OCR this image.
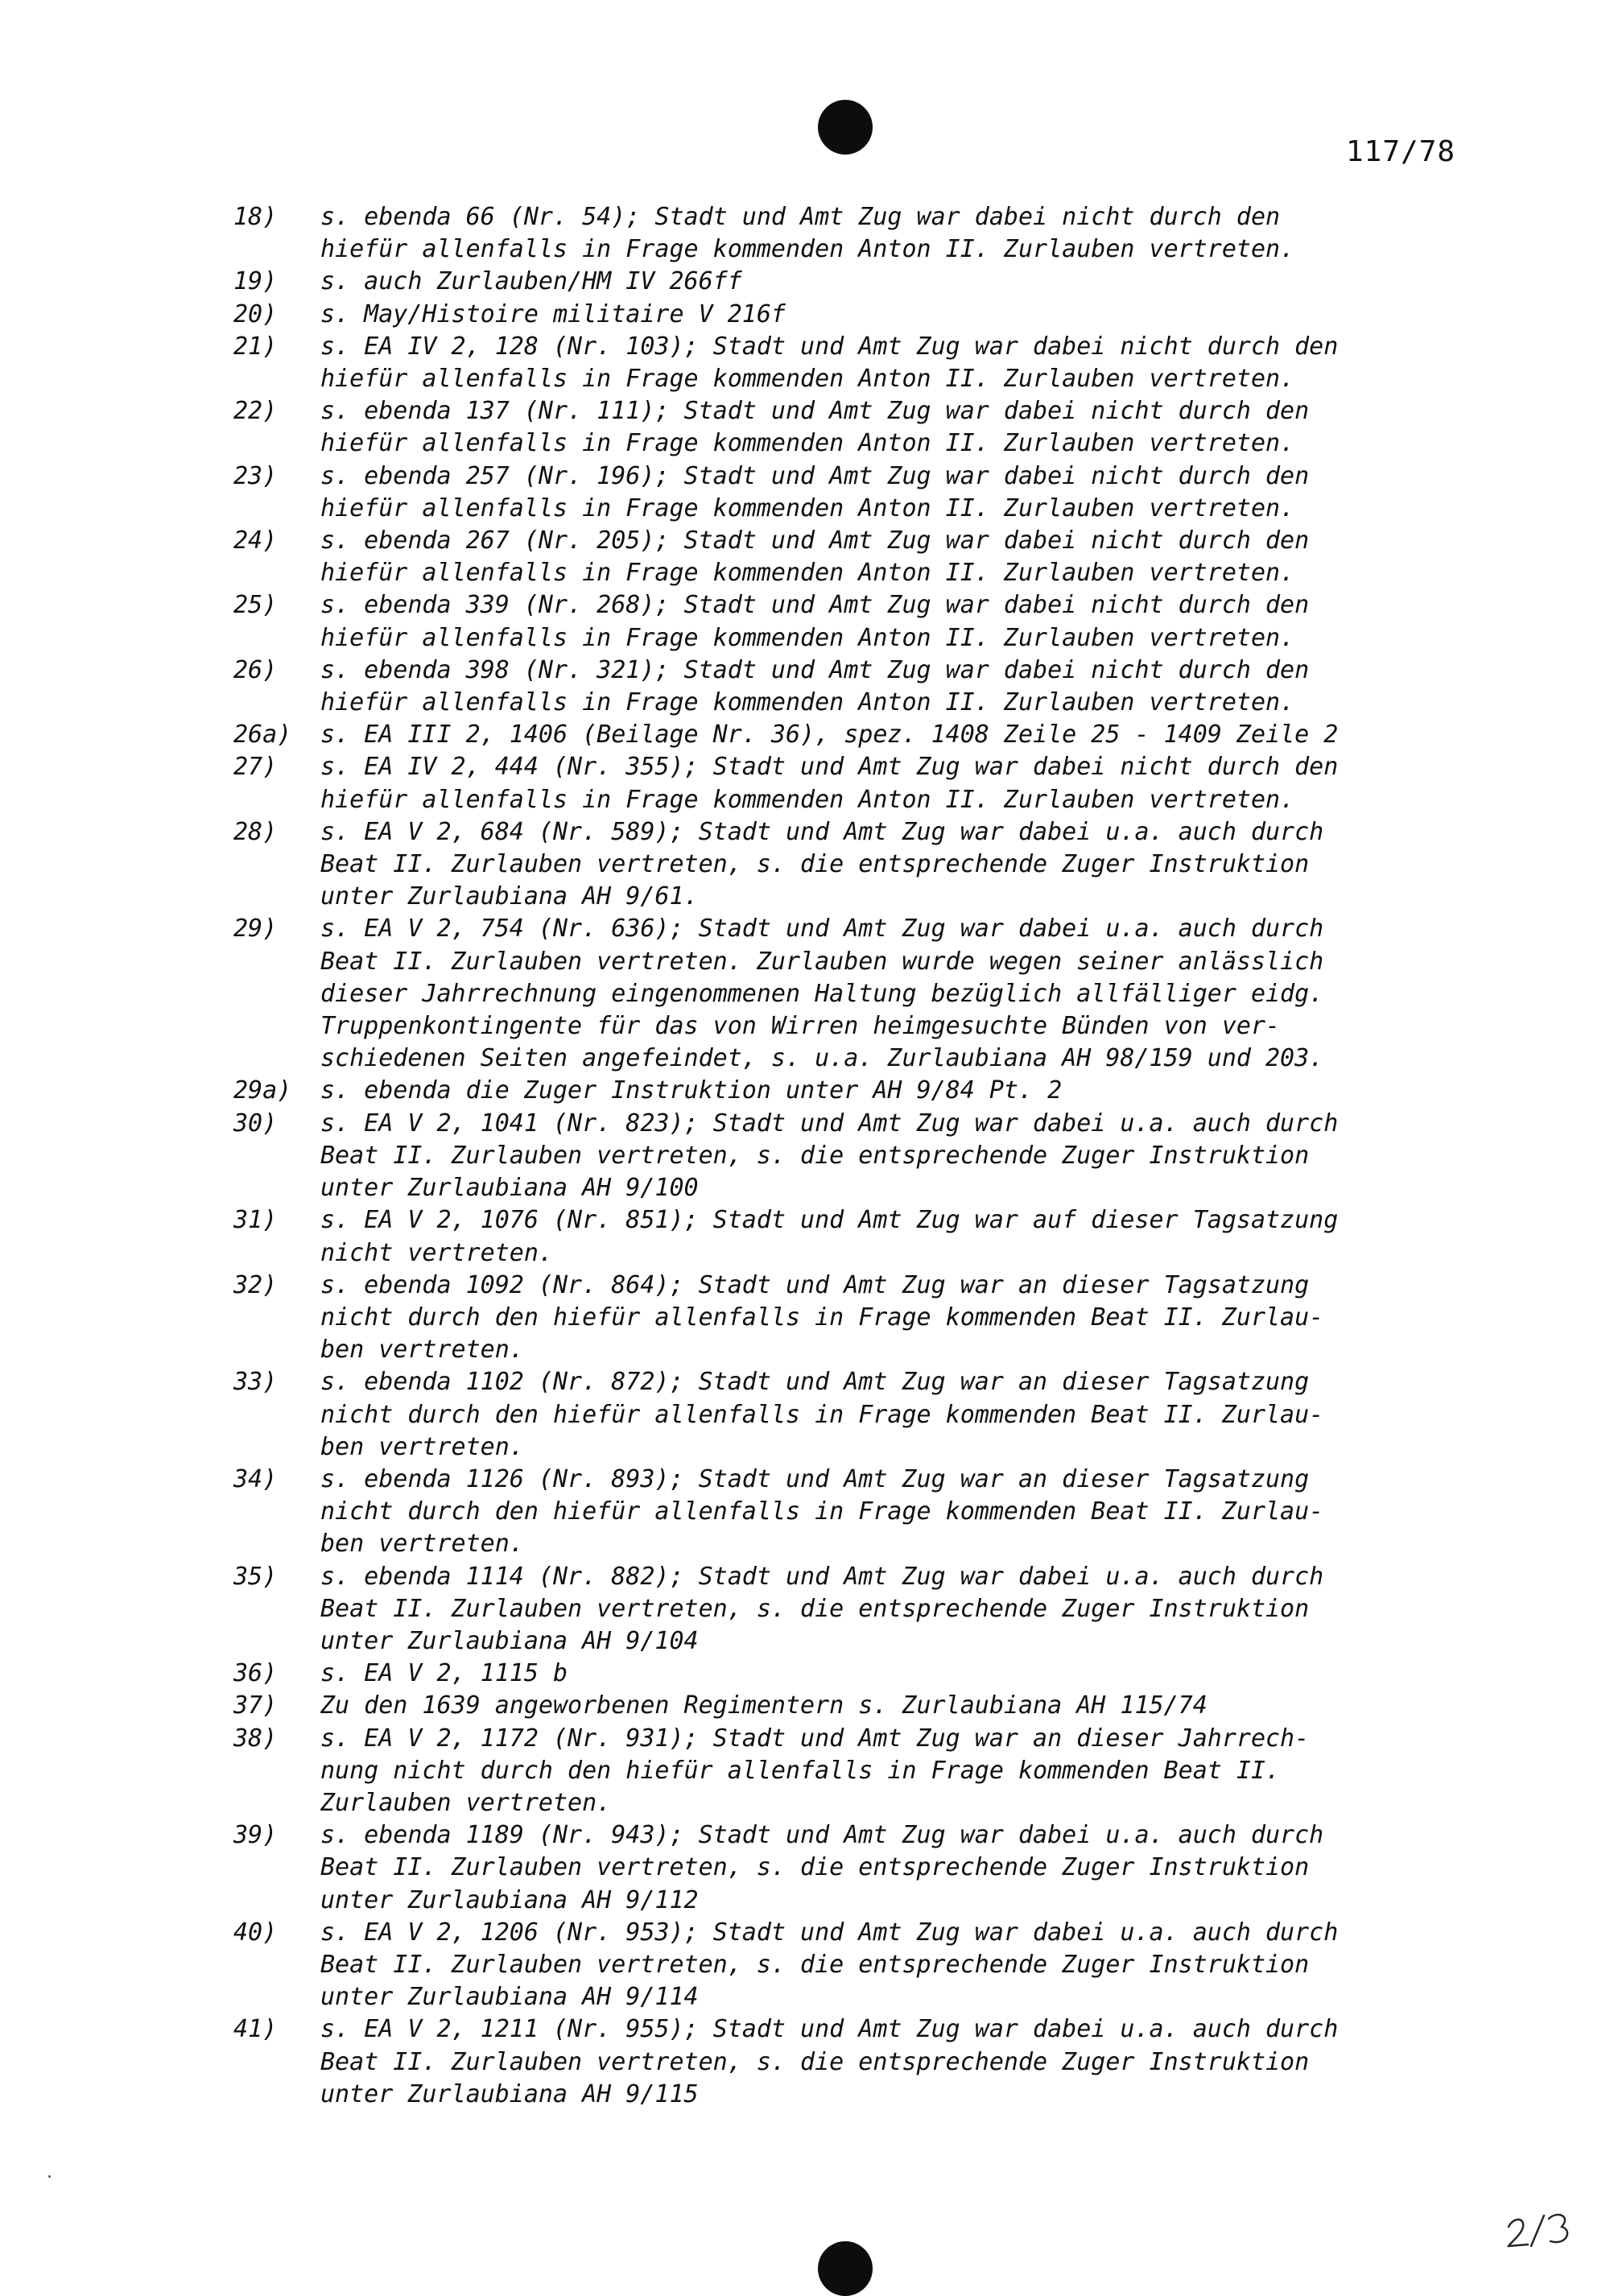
117/78
18)	s. ebenda 66 (Nr. 54); Stadt und Amt Zug war dabei nicht durch den
hiefür allenfalls in Frage kommenden Anton II. Zurlauben vertreten.
19)	s. auch Zurlauben/HM IV 266ff
20)	s. May/Histoire militaire V 216f
21)	s. EA IV 2, 128 (Nr. 103); Stadt und Amt Zug war dabei nicht durch den
hiefür allenfalls in Frage kommenden Anton II. Zurlauben vertreten.
22)	s. ebenda 137 (Nr. 111); Stadt und Amt Zug war dabei nicht durch den
hiefür allenfalls in Frage kommenden Anton II. Zurlauben vertreten.
23)	s. ebenda 257 (Nr. 196); Stadt und Amt Zug war dabei nicht durch den
hiefür allenfalls in Frage kommenden Anton II. Zurlauben vertreten.
24)	s. ebenda 267 (Nr. 205); Stadt und Amt Zug war dabei nicht durch den
hiefür allenfalls in Frage kommenden Anton II. Zurlauben vertreten.
25)	s. ebenda 339 (Nr. 268); Stadt und Amt Zug war dabei nicht durch den
hiefür allenfalls in Frage kommenden Anton II. Zurlauben vertreten.
26)	s. ebenda 398 (Nr. 321); Stadt und Amt Zug war dabei nicht durch den
hiefür allenfalls in Frage kommenden Anton II. Zurlauben vertreten.
26a)	s. EA III 2, 1406 (Beilage Nr. 36), spez. 1408 Zeile 25 - 1409 Zeile 2
27)	s. EA IV 2, 444 (Nr. 355); Stadt und Amt Zug war dabei nicht durch den
hiefür allenfalls in Frage kommenden Anton II. Zurlauben vertreten.
28)	s. EA V 2, 684 (Nr. 589); Stadt und Amt Zug war dabei u.a. auch durch
Beat II. Zurlauben vertreten, s. die entsprechende Zuger Instruktion
unter Zurlaubiana AH 9/61.
29)	s. EA V 2, 754 (Nr. 636); Stadt und Amt Zug war dabei u.a. auch durch
Beat II. Zurlauben vertreten. Zurlauben wurde wegen seiner anlässlich
dieser Jahrrechnung eingenommenen Haltung bezüglich allfälliger eidg.
Truppenkontingente für das von Wirren heimgesuchte Bünden von ver-
schiedenen Seiten angefeindet, s. u.a. Zurlaubiana AH 98/159 und 203.
29a)	s. ebenda die Zuger Instruktion unter AH 9/84 Pt. 2
30)	s. EA V 2, 1041 (Nr. 823); Stadt und Amt Zug war dabei u.a. auch durch
Beat II. Zurlauben vertreten, s. die entsprechende Zuger Instruktion
unter Zurlaubiana AH 9/100
31)	s. EA V 2, 1076 (Nr. 851); Stadt und Amt Zug war auf dieser Tagsatzung
nicht vertreten.
32)	s. ebenda 1092 (Nr. 864); Stadt und Amt Zug war an dieser Tagsatzung
nicht durch den hiefür allenfalls in Frage kommenden Beat II. Zurlau-
ben vertreten.
33)	s. ebenda 1102 (Nr. 872); Stadt und Amt Zug war an dieser Tagsatzung
nicht durch den hiefür allenfalls in Frage kommenden Beat II. Zurlau-
ben vertreten.
34)	s. ebenda 1126 (Nr. 893); Stadt und Amt Zug war an dieser Tagsatzung
nicht durch den hiefür allenfalls in Frage kommenden Beat II. Zurlau-
ben vertreten.
35)	s. ebenda 1114 (Nr. 882); Stadt und Amt Zug war dabei u.a. auch durch
Beat II. Zurlauben vertreten, s. die entsprechende Zuger Instruktion
unter Zurlaubiana AH 9/104
36)	s. EA V 2, 1115 b
37)	Zu den 1639 angeworbenen Regimentern s. Zurlaubiana AH 115/74
38)	s. EA V 2, 1172 (Nr. 931); Stadt und Amt Zug war an dieser Jahrrech-
nung nicht durch den hiefür allenfalls in Frage kommenden Beat II.
Zurlauben vertreten.
39)	s. ebenda 1189 (Nr. 943); Stadt und Amt Zug war dabei u.a. auch durch
Beat II. Zurlauben vertreten, s. die entsprechende Zuger Instruktion
unter Zurlaubiana AH 9/112
40)	s. EA V 2, 1206 (Nr. 953); Stadt und Amt Zug war dabei u.a. auch durch
Beat II. Zurlauben vertreten, s. die entsprechende Zuger Instruktion
unter Zurlaubiana AH 9/114
41)	s. EA V 2, 1211 (Nr. 955); Stadt und Amt Zug war dabei u.a. auch durch
Beat II. Zurlauben vertreten, s. die entsprechende Zuger Instruktion
unter Zurlaubiana AH 9/115
